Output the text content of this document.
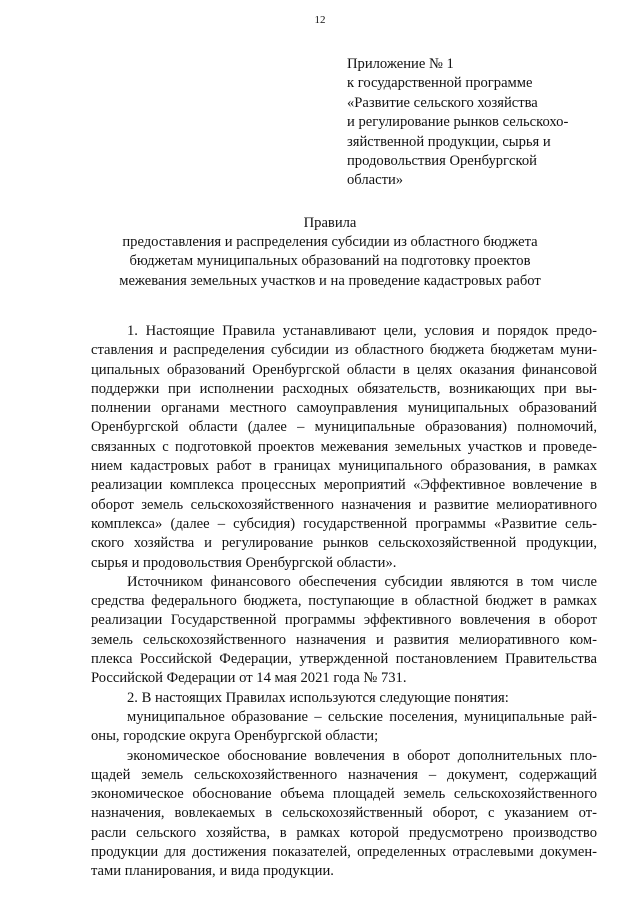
12
Приложение № 1
к государственной программе
«Развитие сельского хозяйства
и регулирование рынков сельскохо-
зяйственной продукции, сырья и
продовольствия Оренбургской
области»
Правила
предоставления и распределения субсидии из областного бюджета
бюджетам муниципальных образований на подготовку проектов
межевания земельных участков и на проведение кадастровых работ
1. Настоящие Правила устанавливают цели, условия и порядок предо-
ставления и распределения субсидии из областного бюджета бюджетам муни-
ципальных образований Оренбургской области в целях оказания финансовой
поддержки при исполнении расходных обязательств, возникающих при вы-
полнении органами местного самоуправления муниципальных образований
Оренбургской области (далее – муниципальные образования) полномочий,
связанных с подготовкой проектов межевания земельных участков и проведе-
нием кадастровых работ в границах муниципального образования, в рамках
реализации комплекса процессных мероприятий «Эффективное вовлечение в
оборот земель сельскохозяйственного назначения и развитие мелиоративного
комплекса» (далее – субсидия) государственной программы «Развитие сель-
ского хозяйства и регулирование рынков сельскохозяйственной продукции,
сырья и продовольствия Оренбургской области».
Источником финансового обеспечения субсидии являются в том числе
средства федерального бюджета, поступающие в областной бюджет в рамках
реализации Государственной программы эффективного вовлечения в оборот
земель сельскохозяйственного назначения и развития мелиоративного ком-
плекса Российской Федерации, утвержденной постановлением Правительства
Российской Федерации от 14 мая 2021 года № 731.
2. В настоящих Правилах используются следующие понятия:
муниципальное образование – сельские поселения, муниципальные рай-
оны, городские округа Оренбургской области;
экономическое обоснование вовлечения в оборот дополнительных пло-
щадей земель сельскохозяйственного назначения – документ, содержащий
экономическое обоснование объема площадей земель сельскохозяйственного
назначения, вовлекаемых в сельскохозяйственный оборот, с указанием от-
расли сельского хозяйства, в рамках которой предусмотрено производство
продукции для достижения показателей, определенных отраслевыми докумен-
тами планирования, и вида продукции.
